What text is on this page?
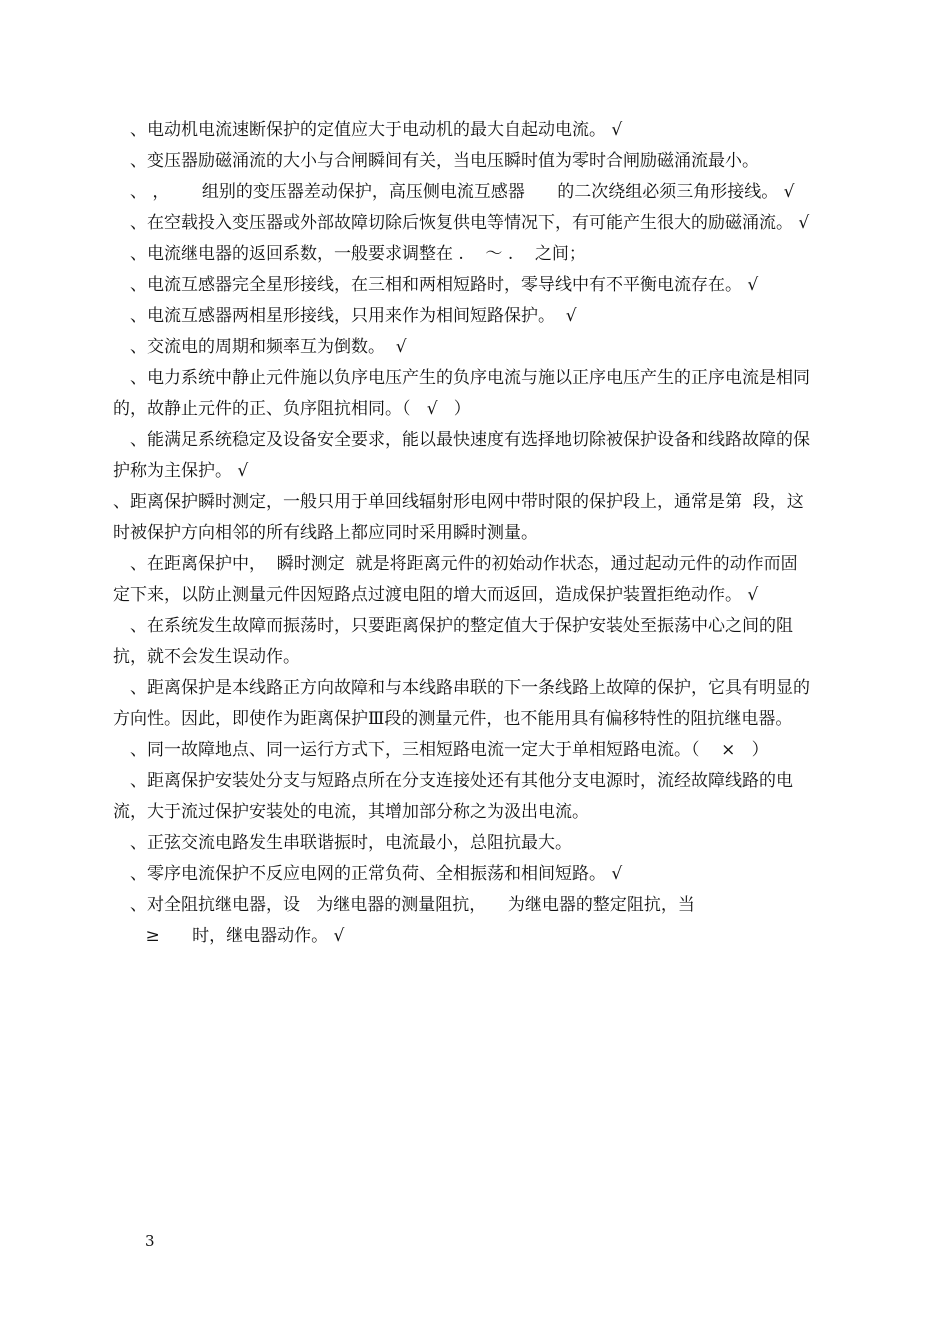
、电动机电流速断保护的定值应大于电动机的最大自起动电流。 √

、变压器励磁涌流的大小与合闸瞬间有关，当电压瞬时值为零时合闸励磁涌流最小。

、 ，      组别的变压器差动保护，高压侧电流互感器      的二次绕组必须三角形接线。 √

、在空载投入变压器或外部故障切除后恢复供电等情况下，有可能产生很大的励磁涌流。 √

、电流继电器的返回系数，一般要求调整在 .    ～ .    之间；

、电流互感器完全星形接线，在三相和两相短路时，零导线中有不平衡电流存在。 √

、电流互感器两相星形接线，只用来作为相间短路保护。  √

、交流电的周期和频率互为倒数。  √

、电力系统中静止元件施以负序电压产生的负序电流与施以正序电压产生的正序电流是相同的，故静止元件的正、负序阻抗相同。（   √   ）

、能满足系统稳定及设备安全要求，能以最快速度有选择地切除被保护设备和线路故障的保护称为主保护。 √

、距离保护瞬时测定，一般只用于单回线辐射形电网中带时限的保护段上，通常是第  段，这时被保护方向相邻的所有线路上都应同时采用瞬时测量。

、在距离保护中，  瞬时测定  就是将距离元件的初始动作状态，通过起动元件的动作而固定下来，以防止测量元件因短路点过渡电阻的增大而返回，造成保护装置拒绝动作。 √

、在系统发生故障而振荡时，只要距离保护的整定值大于保护安装处至振荡中心之间的阻抗，就不会发生误动作。

、距离保护是本线路正方向故障和与本线路串联的下一条线路上故障的保护，它具有明显的方向性。因此，即使作为距离保护Ⅲ段的测量元件，也不能用具有偏移特性的阻抗继电器。

、同一故障地点、同一运行方式下，三相短路电流一定大于单相短路电流。（    ×   ）

、距离保护安装处分支与短路点所在分支连接处还有其他分支电源时，流经故障线路的电流，大于流过保护安装处的电流，其增加部分称之为汲出电流。

、正弦交流电路发生串联谐振时，电流最小，总阻抗最大。

、零序电流保护不反应电网的正常负荷、全相振荡和相间短路。 √

、对全阻抗继电器，设   为继电器的测量阻抗，    为继电器的整定阻抗，当

≥      时，继电器动作。 √

3
